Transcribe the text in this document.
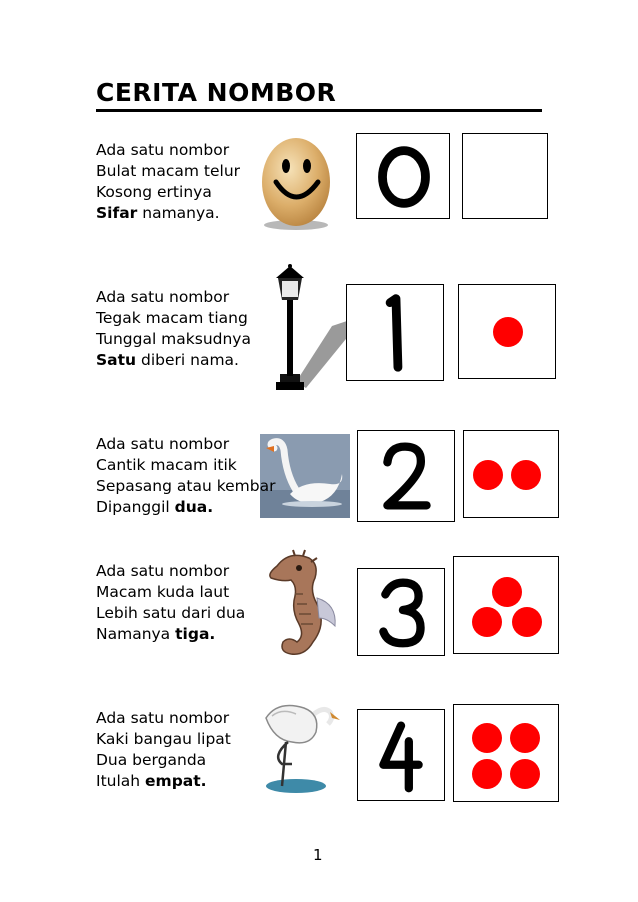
CERITA NOMBOR
Ada satu nombor
Bulat macam telur
Kosong ertinya
Sifar namanya.
0
Ada satu nombor
Tegak macam tiang
Tunggal maksudnya
Satu diberi nama.
Ada satu nombor
Cantik macam itik
Sepasang atau kembar
Dipanggil dua.
Ada satu nombor
Macam kuda laut
Lebih satu dari dua
Namanya tiga.
Ada satu nombor
Kaki bangau lipat
Dua berganda
Itulah empat.
1
